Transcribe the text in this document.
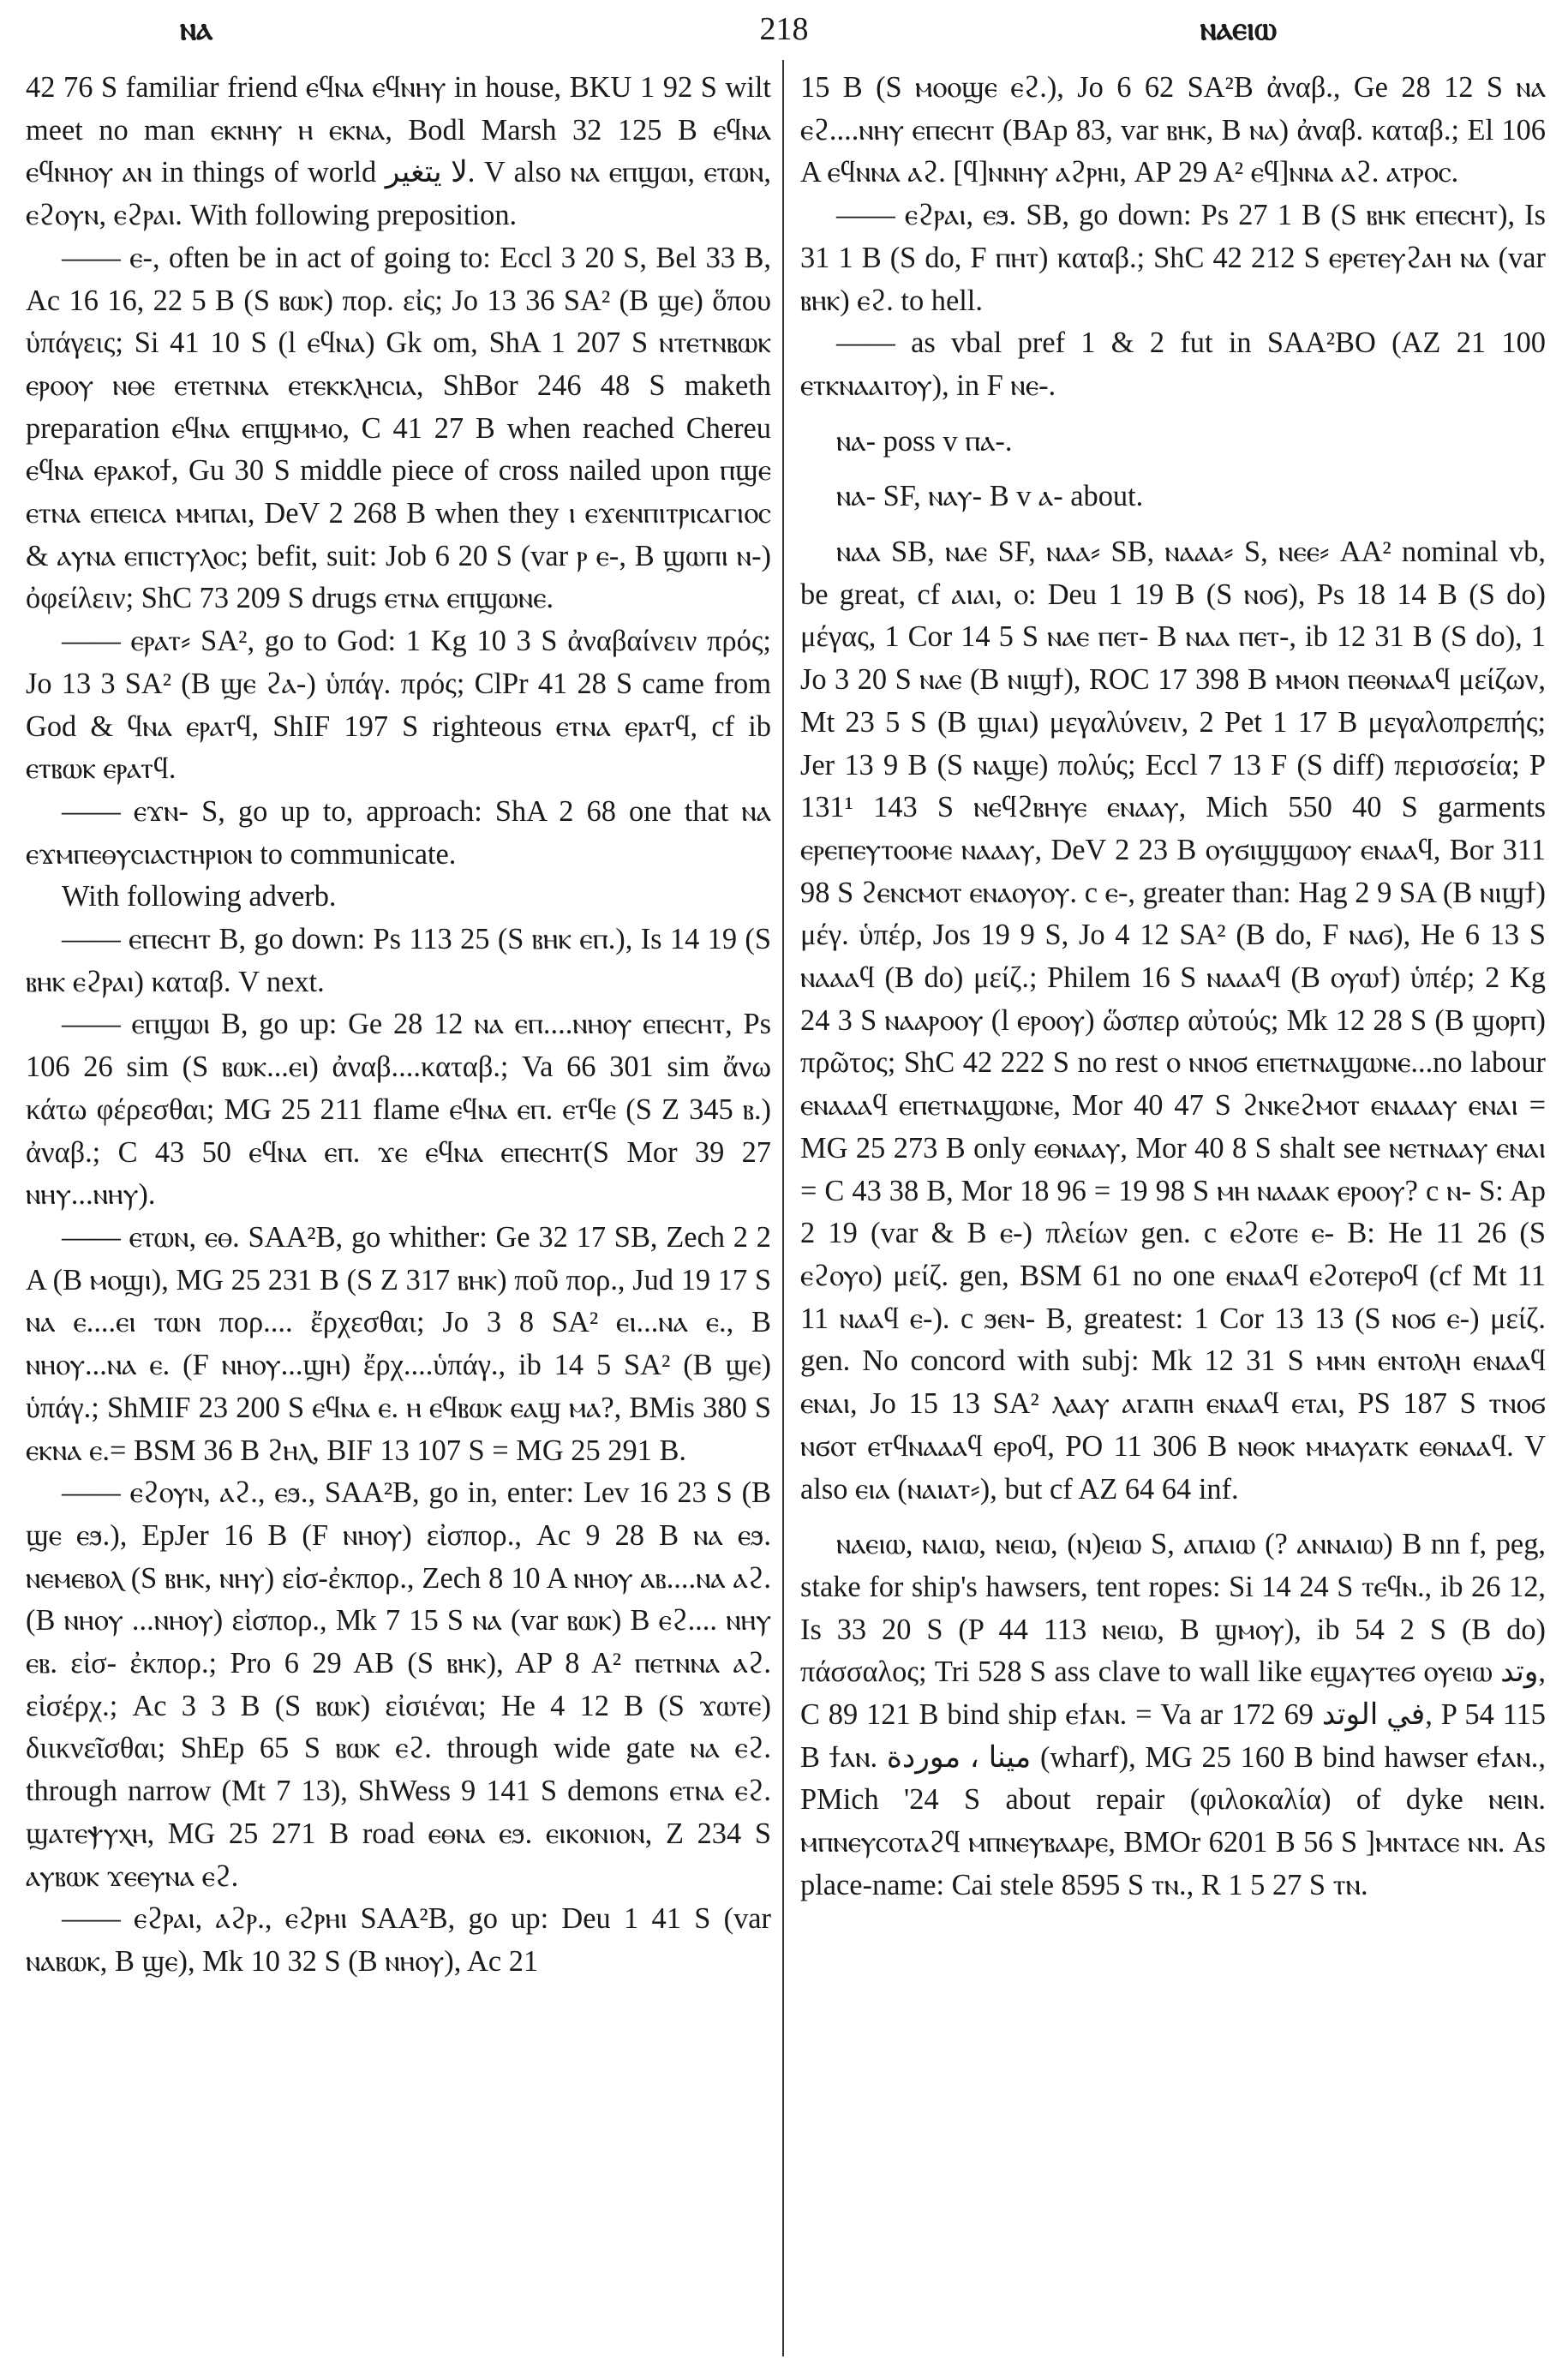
ⲛⲁ	218	ⲛⲁⲉⲓⲱ

42 76 S familiar friend ⲉϥⲛⲁ ⲉϥⲛⲏⲩ in house, BKU 1 92 S wilt meet no man ⲉⲕⲛⲏⲩ ⲏ ⲉⲕⲛⲁ, Bodl Marsh 32 125 B ⲉϥⲛⲁ ⲉϥⲛⲏⲟⲩ ⲁⲛ in things of world لا يتغير. V also ⲛⲁ ⲉⲡϣⲱⲓ, ⲉⲧⲱⲛ, ⲉϩⲟⲩⲛ, ⲉϩⲣⲁⲓ. With following preposition.

—— ⲉ-, often be in act of going to: Eccl 3 20 S, Bel 33 B, Ac 16 16, 22 5 B (S ⲃⲱⲕ) πορ. εἰς; Jo 13 36 SA² (B ϣⲉ) ὅπου ὑπάγεις; Si 41 10 S (l ⲉϥⲛⲁ) Gk om, ShA 1 207 S ⲛⲧⲉⲧⲛⲃⲱⲕ ⲉⲣⲟⲟⲩ ⲛⲑⲉ ⲉⲧⲉⲧⲛⲛⲁ ⲉⲧⲉⲕⲕⲗⲏⲥⲓⲁ, ShBor 246 48 S maketh preparation ⲉϥⲛⲁ ⲉⲡϣⲙⲙⲟ, C 41 27 B when reached Chereu ⲉϥⲛⲁ ⲉⲣⲁⲕⲟϯ, Gu 30 S middle piece of cross nailed upon ⲡϣⲉ ⲉⲧⲛⲁ ⲉⲡⲉⲓⲥⲁ ⲙⲙⲡⲁⲓ, DeV 2 268 B when they ⲓ ⲉϫⲉⲛⲡⲓⲧⲣⲓⲥⲁⲅⲓⲟⲥ & ⲁⲩⲛⲁ ⲉⲡⲓⲥⲧⲩⲗⲟⲥ; befit, suit: Job 6 20 S (var ⲣ ⲉ-, B ϣⲱⲡⲓ ⲛ-) ὀφείλειν; ShC 73 209 S drugs ⲉⲧⲛⲁ ⲉⲡϣⲱⲛⲉ.

—— ⲉⲣⲁⲧ⸗ SA², go to God: 1 Kg 10 3 S ἀναβαίνειν πρός; Jo 13 3 SA² (B ϣⲉ ϩⲁ-) ὑπάγ. πρός; ClPr 41 28 S came from God & ϥⲛⲁ ⲉⲣⲁⲧϥ, ShIF 197 S righteous ⲉⲧⲛⲁ ⲉⲣⲁⲧϥ, cf ib ⲉⲧⲃⲱⲕ ⲉⲣⲁⲧϥ.

—— ⲉϫⲛ- S, go up to, approach: ShA 2 68 one that ⲛⲁ ⲉϫⲙⲡⲉⲑⲩⲥⲓⲁⲥⲧⲏⲣⲓⲟⲛ to communicate.

With following adverb.

—— ⲉⲡⲉⲥⲏⲧ B, go down: Ps 113 25 (S ⲃⲏⲕ ⲉⲡ.), Is 14 19 (S ⲃⲏⲕ ⲉϩⲣⲁⲓ) καταβ. V next.

—— ⲉⲡϣⲱⲓ B, go up: Ge 28 12 ⲛⲁ ⲉⲡ....ⲛⲏⲟⲩ ⲉⲡⲉⲥⲏⲧ, Ps 106 26 sim (S ⲃⲱⲕ...ⲉⲓ) ἀναβ....καταβ.; Va 66 301 sim ἄνω κάτω φέρεσθαι; MG 25 211 flame ⲉϥⲛⲁ ⲉⲡ. ⲉⲧϥⲉ (S Z 345 ⲃ.) ἀναβ.; C 43 50 ⲉϥⲛⲁ ⲉⲡ. ϫⲉ ⲉϥⲛⲁ ⲉⲡⲉⲥⲏⲧ(S Mor 39 27 ⲛⲏⲩ...ⲛⲏⲩ).

—— ⲉⲧⲱⲛ, ⲉⲑ. SAA²B, go whither: Ge 32 17 SB, Zech 2 2 A (B ⲙⲟϣⲓ), MG 25 231 B (S Z 317 ⲃⲏⲕ) ποῦ πορ., Jud 19 17 S ⲛⲁ ⲉ....ⲉⲓ ⲧⲱⲛ πορ.... ἔρχεσθαι; Jo 3 8 SA² ⲉⲓ...ⲛⲁ ⲉ., B ⲛⲏⲟⲩ...ⲛⲁ ⲉ. (F ⲛⲏⲟⲩ...ϣⲏ) ἔρχ....ὑπάγ., ib 14 5 SA² (B ϣⲉ) ὑπάγ.; ShMIF 23 200 S ⲉϥⲛⲁ ⲉ. ⲏ ⲉϥⲃⲱⲕ ⲉⲁϣ ⲙⲁ?, BMis 380 S ⲉⲕⲛⲁ ⲉ.= BSM 36 B ϩⲏⲗ, BIF 13 107 S = MG 25 291 B.

—— ⲉϩⲟⲩⲛ, ⲁϩ., ⲉϧ., SAA²B, go in, enter: Lev 16 23 S (B ϣⲉ ⲉϧ.), EpJer 16 B (F ⲛⲏⲟⲩ) εἰσπορ., Ac 9 28 B ⲛⲁ ⲉϧ. ⲛⲉⲙⲉⲃⲟⲗ (S ⲃⲏⲕ, ⲛⲏⲩ) εἰσ-ἐκπορ., Zech 8 10 A ⲛⲏⲟⲩ ⲁⲃ....ⲛⲁ ⲁϩ. (B ⲛⲏⲟⲩ ...ⲛⲏⲟⲩ) εἰσπορ., Mk 7 15 S ⲛⲁ (var ⲃⲱⲕ) B ⲉϩ.... ⲛⲏⲩ ⲉⲃ. εἰσ- ἐκπορ.; Pro 6 29 AB (S ⲃⲏⲕ), AP 8 A² ⲡⲉⲧⲛⲛⲁ ⲁϩ. εἰσέρχ.; Ac 3 3 B (S ⲃⲱⲕ) εἰσιέναι; He 4 12 B (S ϫⲱⲧⲉ) διικνεῖσθαι; ShEp 65 S ⲃⲱⲕ ⲉϩ. through wide gate ⲛⲁ ⲉϩ. through narrow (Mt 7 13), ShWess 9 141 S demons ⲉⲧⲛⲁ ⲉϩ. ϣⲁⲧⲉⲯⲩⲭⲏ, MG 25 271 B road ⲉⲑⲛⲁ ⲉϧ. ⲉⲓⲕⲟⲛⲓⲟⲛ, Z 234 S ⲁⲩⲃⲱⲕ ϫⲉⲉⲩⲛⲁ ⲉϩ.

—— ⲉϩⲣⲁⲓ, ⲁϩⲣ., ⲉϩⲣⲏⲓ SAA²B, go up: Deu 1 41 S (var ⲛⲁⲃⲱⲕ, B ϣⲉ), Mk 10 32 S (B ⲛⲏⲟⲩ), Ac 21

15 B (S ⲙⲟⲟϣⲉ ⲉϩ.), Jo 6 62 SA²B ἀναβ., Ge 28 12 S ⲛⲁ ⲉϩ....ⲛⲏⲩ ⲉⲡⲉⲥⲏⲧ (BAp 83, var ⲃⲏⲕ, B ⲛⲁ) ἀναβ. καταβ.; El 106 A ⲉϥⲛⲛⲁ ⲁϩ. [ϥ]ⲛⲛⲏⲩ ⲁϩⲣⲏⲓ, AP 29 A² ⲉϥ]ⲛⲛⲁ ⲁϩ. ⲁⲧⲣⲟⲥ.

—— ⲉϩⲣⲁⲓ, ⲉϧ. SB, go down: Ps 27 1 B (S ⲃⲏⲕ ⲉⲡⲉⲥⲏⲧ), Is 31 1 B (S do, F ⲡⲏⲧ) καταβ.; ShC 42 212 S ⲉⲣⲉⲧⲉⲩϩⲁⲏ ⲛⲁ (var ⲃⲏⲕ) ⲉϩ. to hell.

—— as vbal pref 1 & 2 fut in SAA²BO (AZ 21 100 ⲉⲧⲕⲛⲁⲁⲓⲧⲟⲩ), in F ⲛⲉ-.

ⲛⲁ- poss v ⲡⲁ-.

ⲛⲁ- SF, ⲛⲁⲩ- B v ⲁ- about.

ⲛⲁⲁ SB, ⲛⲁⲉ SF, ⲛⲁⲁ⸗ SB, ⲛⲁⲁⲁ⸗ S, ⲛⲉⲉ⸗ AA² nominal vb, be great, cf ⲁⲓⲁⲓ, ⲟ: Deu 1 19 B (S ⲛⲟϭ), Ps 18 14 B (S do) μέγας, 1 Cor 14 5 S ⲛⲁⲉ ⲡⲉⲧ- B ⲛⲁⲁ ⲡⲉⲧ-, ib 12 31 B (S do), 1 Jo 3 20 S ⲛⲁⲉ (B ⲛⲓϣϯ), ROC 17 398 B ⲙⲙⲟⲛ ⲡⲉⲑⲛⲁⲁϥ μείζων, Mt 23 5 S (B ϣⲓⲁⲓ) μεγαλύνειν, 2 Pet 1 17 B μεγαλοπρεπής; Jer 13 9 B (S ⲛⲁϣⲉ) πολύς; Eccl 7 13 F (S diff) περισσεία; P 131¹ 143 S ⲛⲉϥϩⲃⲏⲩⲉ ⲉⲛⲁⲁⲩ, Mich 550 40 S garments ⲉⲣⲉⲡⲉⲩⲧⲟⲟⲙⲉ ⲛⲁⲁⲁⲩ, DeV 2 23 B ⲟⲩϭⲓϣϣⲱⲟⲩ ⲉⲛⲁⲁϥ, Bor 311 98 S ϩⲉⲛⲥⲙⲟⲧ ⲉⲛⲁⲟⲩⲟⲩ. c ⲉ-, greater than: Hag 2 9 SA (B ⲛⲓϣϯ) μέγ. ὑπέρ, Jos 19 9 S, Jo 4 12 SA² (B do, F ⲛⲁϭ), He 6 13 S ⲛⲁⲁⲁϥ (B do) μείζ.; Philem 16 S ⲛⲁⲁⲁϥ (B ⲟⲩⲱϯ) ὑπέρ; 2 Kg 24 3 S ⲛⲁⲁⲣⲟⲟⲩ (l ⲉⲣⲟⲟⲩ) ὥσπερ αὐτούς; Mk 12 28 S (B ϣⲟⲣⲡ) πρῶτος; ShC 42 222 S no rest ⲟ ⲛⲛⲟϭ ⲉⲡⲉⲧⲛⲁϣⲱⲛⲉ...no labour ⲉⲛⲁⲁⲁϥ ⲉⲡⲉⲧⲛⲁϣⲱⲛⲉ, Mor 40 47 S ϩⲛⲕⲉϩⲙⲟⲧ ⲉⲛⲁⲁⲁⲩ ⲉⲛⲁⲓ = MG 25 273 B only ⲉⲑⲛⲁⲁⲩ, Mor 40 8 S shalt see ⲛⲉⲧⲛⲁⲁⲩ ⲉⲛⲁⲓ = C 43 38 B, Mor 18 96 = 19 98 S ⲙⲏ ⲛⲁⲁⲁⲕ ⲉⲣⲟⲟⲩ? c ⲛ- S: Ap 2 19 (var & B ⲉ-) πλείων gen. c ⲉϩⲟⲧⲉ ⲉ- B: He 11 26 (S ⲉϩⲟⲩⲟ) μείζ. gen, BSM 61 no one ⲉⲛⲁⲁϥ ⲉϩⲟⲧⲉⲣⲟϥ (cf Mt 11 11 ⲛⲁⲁϥ ⲉ-). c ϧⲉⲛ- B, greatest: 1 Cor 13 13 (S ⲛⲟϭ ⲉ-) μείζ. gen. No concord with subj: Mk 12 31 S ⲙⲙⲛ ⲉⲛⲧⲟⲗⲏ ⲉⲛⲁⲁϥ ⲉⲛⲁⲓ, Jo 15 13 SA² ⲗⲁⲁⲩ ⲁⲅⲁⲡⲏ ⲉⲛⲁⲁϥ ⲉⲧⲁⲓ, PS 187 S ⲧⲛⲟϭ ⲛϭⲟⲧ ⲉⲧϥⲛⲁⲁⲁϥ ⲉⲣⲟϥ, PO 11 306 B ⲛⲑⲟⲕ ⲙⲙⲁⲩⲁⲧⲕ ⲉⲑⲛⲁⲁϥ. V also ⲉⲓⲁ (ⲛⲁⲓⲁⲧ⸗), but cf AZ 64 64 inf.

ⲛⲁⲉⲓⲱ, ⲛⲁⲓⲱ, ⲛⲉⲓⲱ, (ⲛ)ⲉⲓⲱ S, ⲁⲡⲁⲓⲱ (? ⲁⲛⲛⲁⲓⲱ) B nn f, peg, stake for ship's hawsers, tent ropes: Si 14 24 S ⲧⲉϥⲛ., ib 26 12, Is 33 20 S (P 44 113 ⲛⲉⲓⲱ, B ϣⲙⲟⲩ), ib 54 2 S (B do) πάσσαλος; Tri 528 S ass clave to wall like ⲉϣⲁⲩⲧⲉϭ ⲟⲩⲉⲓⲱ وتد, C 89 121 B bind ship ⲉϯⲁⲛ. = Va ar 172 69 في الوتد, P 54 115 B ϯⲁⲛ. مينا ، موردة (wharf), MG 25 160 B bind hawser ⲉϯⲁⲛ., PMich '24 S about repair (φιλοκαλία) of dyke ⲛⲉⲓⲛ. ⲙⲡⲛⲉⲩⲥⲟⲧⲁϩϥ ⲙⲡⲛⲉⲩⲃⲁⲁⲣⲉ, BMOr 6201 B 56 S ]ⲙⲛⲧⲁⲥⲉ ⲛⲛ. As place-name: Cai stele 8595 S ⲧⲛ., R 1 5 27 S ⲧⲛ.
